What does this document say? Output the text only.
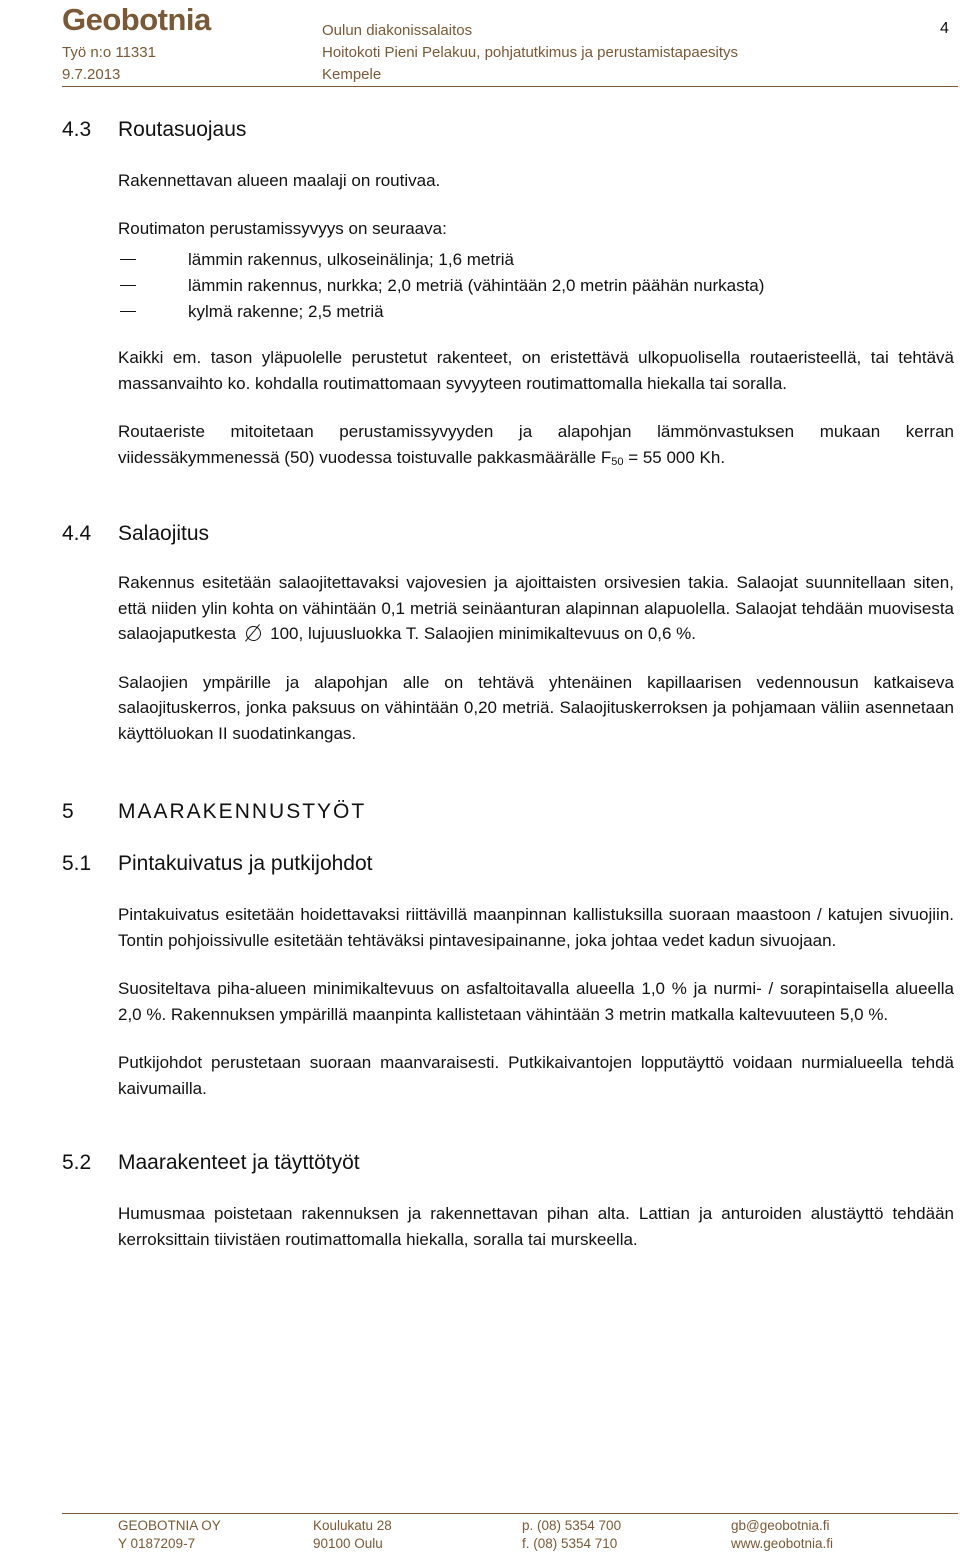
Geobotnia
Työ n:o 11331
9.7.2013
Oulun diakonissalaitos
Hoitokoti Pieni Pelakuu, pohjatutkimus ja perustamistapaesitys
Kempele
4
4.3 Routasuojaus

Rakennettavan alueen maalaji on routivaa.

Routimaton perustamissyvyys on seuraava:

lämmin rakennus, ulkoseinälinja; 1,6 metriä
lämmin rakennus, nurkka; 2,0 metriä (vähintään 2,0 metrin päähän nurkasta)
kylmä rakenne; 2,5 metriä

Kaikki em. tason yläpuolelle perustetut rakenteet, on eristettävä ulkopuolisella routaeristeellä, tai tehtävä massanvaihto ko. kohdalla routimattomaan syvyyteen routimattomalla hiekalla tai soralla.

Routaeriste mitoitetaan perustamissyvyyden ja alapohjan lämmönvastuksen mukaan kerran viidessäkymmenessä (50) vuodessa toistuvalle pakkasmäärälle $F_{50} = 55$ 000 Kh.

4.4 Salaojitus

Rakennus esitetään salaojitettavaksi vajovesien ja ajoittaisten orsivesien takia. Salaojat suunnitellaan siten, että niiden ylin kohta on vähintään 0,1 metriä seinäanturan alapinnan alapuolella. Salaojat tehdään muovisesta salaojaputkesta 100, lujuusluokka T. Salaojien minimikaltevuus on 0,6 %.

Salaojien ympärille ja alapohjan alle on tehtävä yhtenäinen kapillaarisen vedennousun katkaiseva salaojituskerros, jonka paksuus on vähintään 0,20 metriä. Salaojituskerroksen ja pohjamaan väliin asennetaan käyttöluokan II suodatinkangas.

5 MAARAKENNUSTYÖT
5.1 Pintakuivatus ja putkijohdot

Pintakuivatus esitetään hoidettavaksi riittävillä maanpinnan kallistuksilla suoraan maastoon / katujen sivuojiin. Tontin pohjoissivulle esitetään tehtäväksi pintavesipainanne, joka johtaa vedet kadun sivuojaan.

Suositeltava piha-alueen minimikaltevuus on asfaltoitavalla alueella 1,0 % ja nurmi- / sorapintaisella alueella 2,0 %. Rakennuksen ympärillä maanpinta kallistetaan vähintään 3 metrin matkalla kaltevuuteen 5,0 %.

Putkijohdot perustetaan suoraan maanvaraisesti. Putkikaivantojen lopputäyttö voidaan nurmialueella tehdä kaivumailla.

5.2 Maarakenteet ja täyttötyöt

Humusmaa poistetaan rakennuksen ja rakennettavan pihan alta. Lattian ja anturoiden alustäyttö tehdään kerroksittain tiivistäen routimattomalla hiekalla, soralla tai murskeella.

GEOBOTNIA OY
Y 0187209-7
Koulukatu 28
90100 Oulu
p. (08) 5354 700
f. (08) 5354 710
gb@geobotnia.fi
www.geobotnia.fi
